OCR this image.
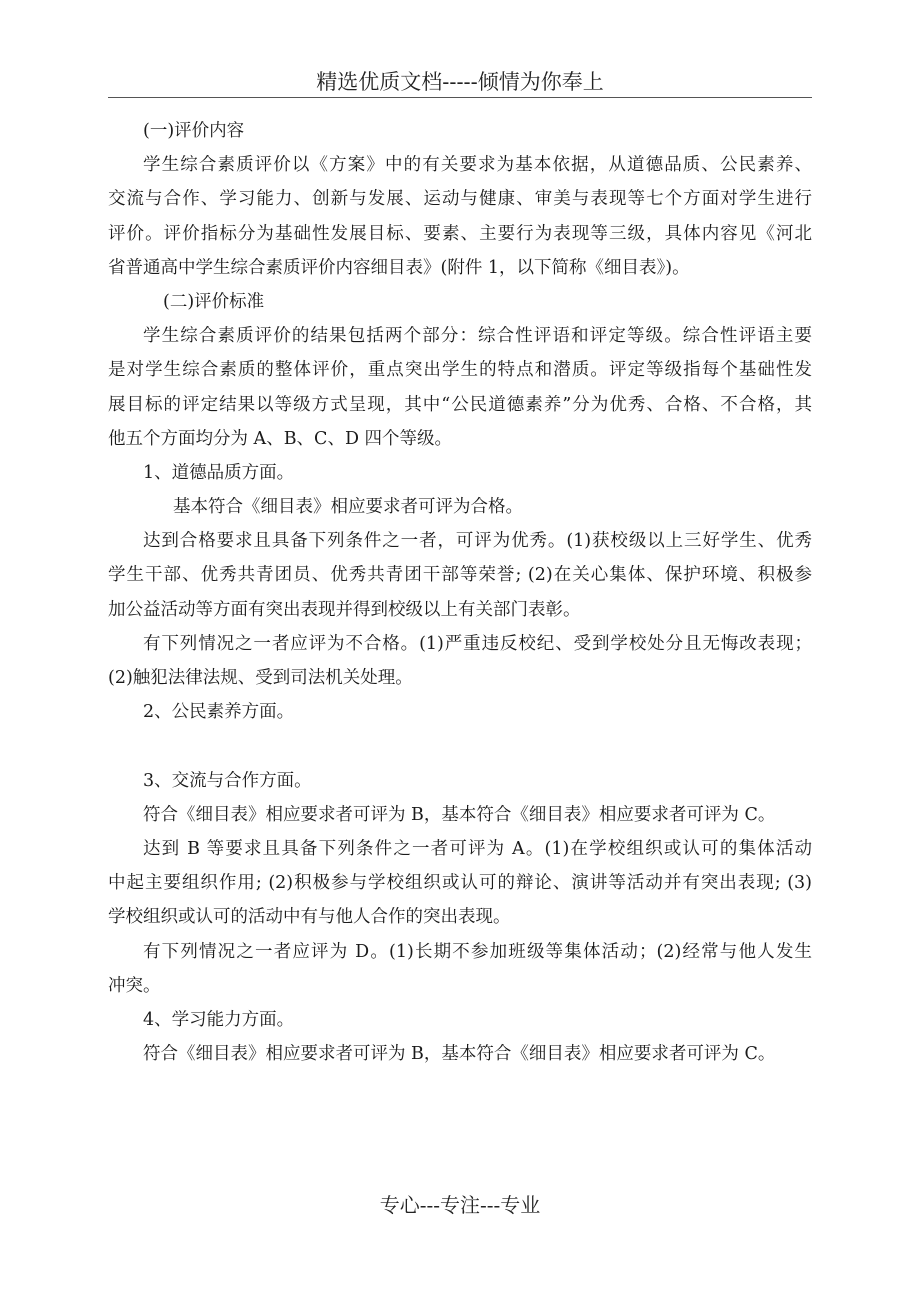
精选优质文档-----倾情为你奉上
(一)评价内容
学生综合素质评价以《方案》中的有关要求为基本依据，从道德品质、公民素养、
交流与合作、学习能力、创新与发展、运动与健康、审美与表现等七个方面对学生进行
评价。评价指标分为基础性发展目标、要素、主要行为表现等三级，具体内容见《河北
省普通高中学生综合素质评价内容细目表》(附件 1，以下简称《细目表》)。
(二)评价标准
学生综合素质评价的结果包括两个部分：综合性评语和评定等级。综合性评语主要
是对学生综合素质的整体评价，重点突出学生的特点和潜质。评定等级指每个基础性发
展目标的评定结果以等级方式呈现，其中“公民道德素养”分为优秀、合格、不合格，其
他五个方面均分为 A、B、C、D 四个等级。
1、道德品质方面。
基本符合《细目表》相应要求者可评为合格。
达到合格要求且具备下列条件之一者，可评为优秀。(1)获校级以上三好学生、优秀
学生干部、优秀共青团员、优秀共青团干部等荣誉; (2)在关心集体、保护环境、积极参
加公益活动等方面有突出表现并得到校级以上有关部门表彰。
有下列情况之一者应评为不合格。(1)严重违反校纪、受到学校处分且无悔改表现；
(2)触犯法律法规、受到司法机关处理。
2、公民素养方面。
3、交流与合作方面。
符合《细目表》相应要求者可评为 B，基本符合《细目表》相应要求者可评为 C。
达到 B 等要求且具备下列条件之一者可评为 A。(1)在学校组织或认可的集体活动
中起主要组织作用; (2)积极参与学校组织或认可的辩论、演讲等活动并有突出表现; (3)
学校组织或认可的活动中有与他人合作的突出表现。
有下列情况之一者应评为 D。(1)长期不参加班级等集体活动；(2)经常与他人发生
冲突。
4、学习能力方面。
符合《细目表》相应要求者可评为 B，基本符合《细目表》相应要求者可评为 C。
专心---专注---专业
